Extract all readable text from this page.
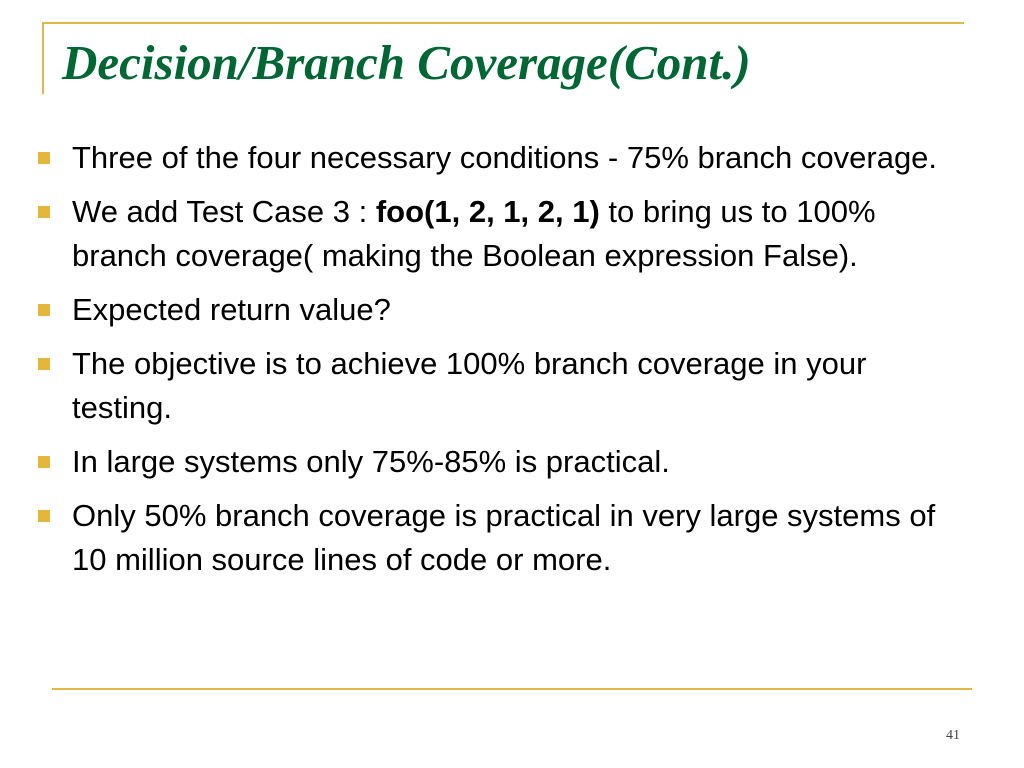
Decision/Branch Coverage(Cont.)
Three of the four necessary conditions - 75% branch coverage.
We add Test Case 3 : foo(1, 2, 1, 2, 1) to bring us to 100% branch coverage( making the Boolean expression False).
Expected return value?
The objective is to achieve 100% branch coverage in your testing.
In large systems only 75%-85% is practical.
Only 50% branch coverage is practical in very large systems of 10 million source lines of code or more.
41
